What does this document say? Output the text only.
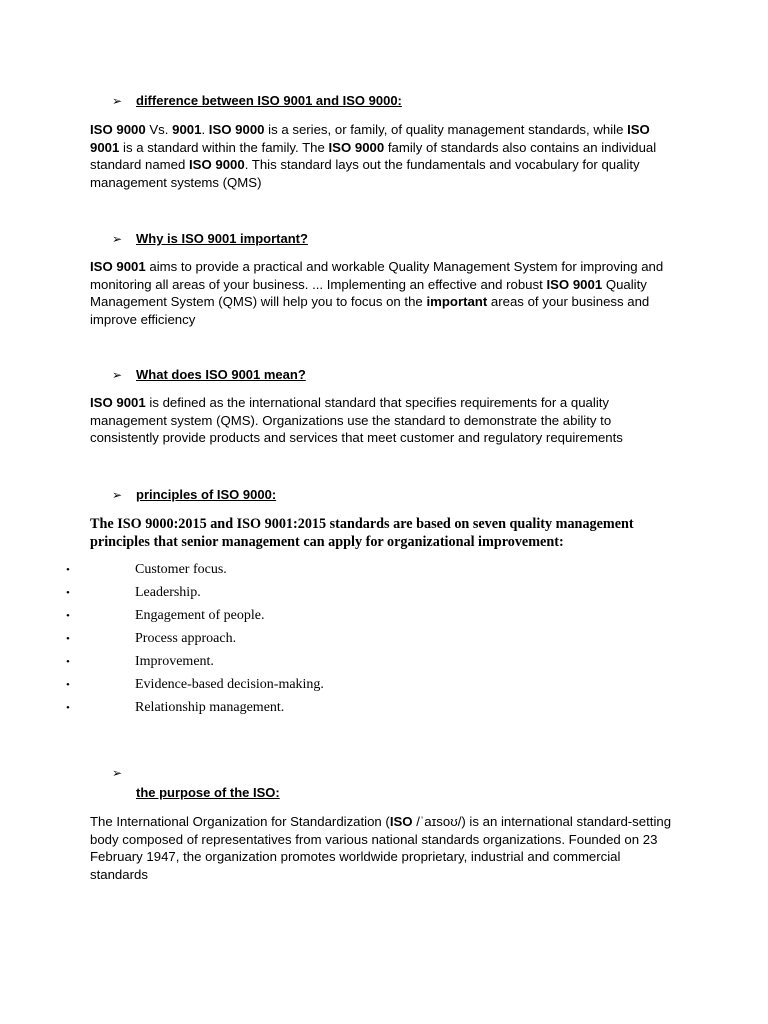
➢ difference between ISO 9001 and ISO 9000:

ISO 9000 Vs. 9001. ISO 9000 is a series, or family, of quality management standards, while ISO 9001 is a standard within the family. The ISO 9000 family of standards also contains an individual standard named ISO 9000. This standard lays out the fundamentals and vocabulary for quality management systems (QMS)

➢ Why is ISO 9001 important?

ISO 9001 aims to provide a practical and workable Quality Management System for improving and monitoring all areas of your business. ... Implementing an effective and robust ISO 9001 Quality Management System (QMS) will help you to focus on the important areas of your business and improve efficiency

➢ What does ISO 9001 mean?

ISO 9001 is defined as the international standard that specifies requirements for a quality management system (QMS). Organizations use the standard to demonstrate the ability to consistently provide products and services that meet customer and regulatory requirements

➢ principles of ISO 9000:

The ISO 9000:2015 and ISO 9001:2015 standards are based on seven quality management principles that senior management can apply for organizational improvement:

•	Customer focus.
•	Leadership.
•	Engagement of people.
•	Process approach.
•	Improvement.
•	Evidence-based decision-making.
•	Relationship management.
➢
the purpose of the ISO:

The International Organization for Standardization (ISO /ˈaɪsoʊ/) is an international standard-setting body composed of representatives from various national standards organizations. Founded on 23 February 1947, the organization promotes worldwide proprietary, industrial and commercial standards
